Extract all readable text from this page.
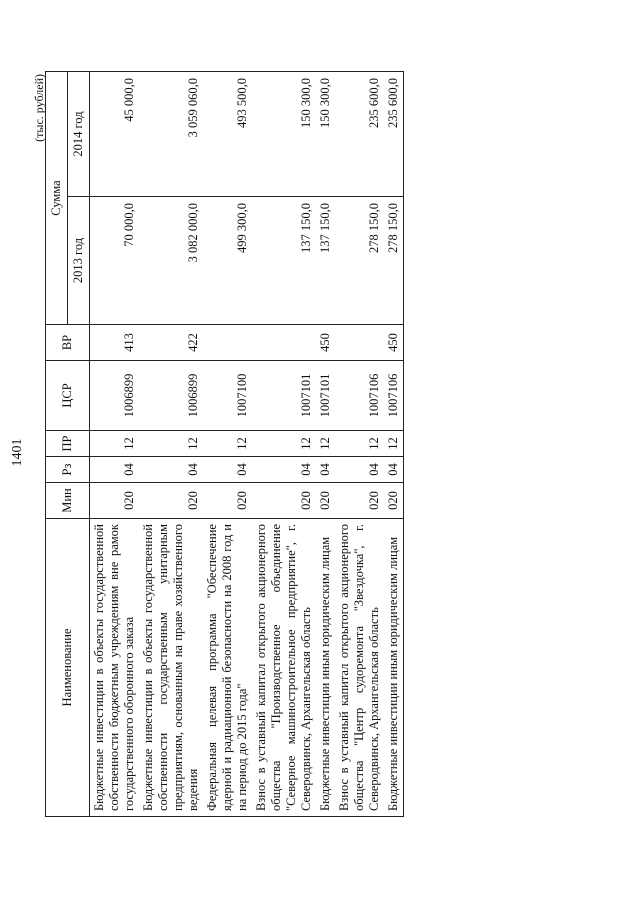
1401
(тыс. рублей)
Наименование	Мин	Рз	ПР	ЦСР	ВР	Сумма	
						2013 год	2014 год
Бюджетные инвестиции в объекты государственной собственности бюджетным учреждениям вне рамок государственного оборонного заказа	020	04	12	1006899	413	70 000,0	45 000,0
Бюджетные инвестиции в объекты государственной собственности государственным унитарным предприятиям, основанным на праве хозяйственного ведения	020	04	12	1006899	422	3 082 000,0	3 059 060,0
Федеральная целевая программа "Обеспечение ядерной и радиационной безопасности на 2008 год и на период до 2015 года"	020	04	12	1007100		499 300,0	493 500,0
Взнос в уставный капитал открытого акционерного общества "Производственное объединение "Северное машиностроительное предприятие", г. Северодвинск, Архангельская область	020	04	12	1007101		137 150,0	150 300,0
Бюджетные инвестиции иным юридическим лицам	020	04	12	1007101	450	137 150,0	150 300,0
Взнос в уставный капитал открытого акционерного общества "Центр судоремонта "Звездочка", г. Северодвинск, Архангельская область	020	04	12	1007106		278 150,0	235 600,0
Бюджетные инвестиции иным юридическим лицам	020	04	12	1007106	450	278 150,0	235 600,0
